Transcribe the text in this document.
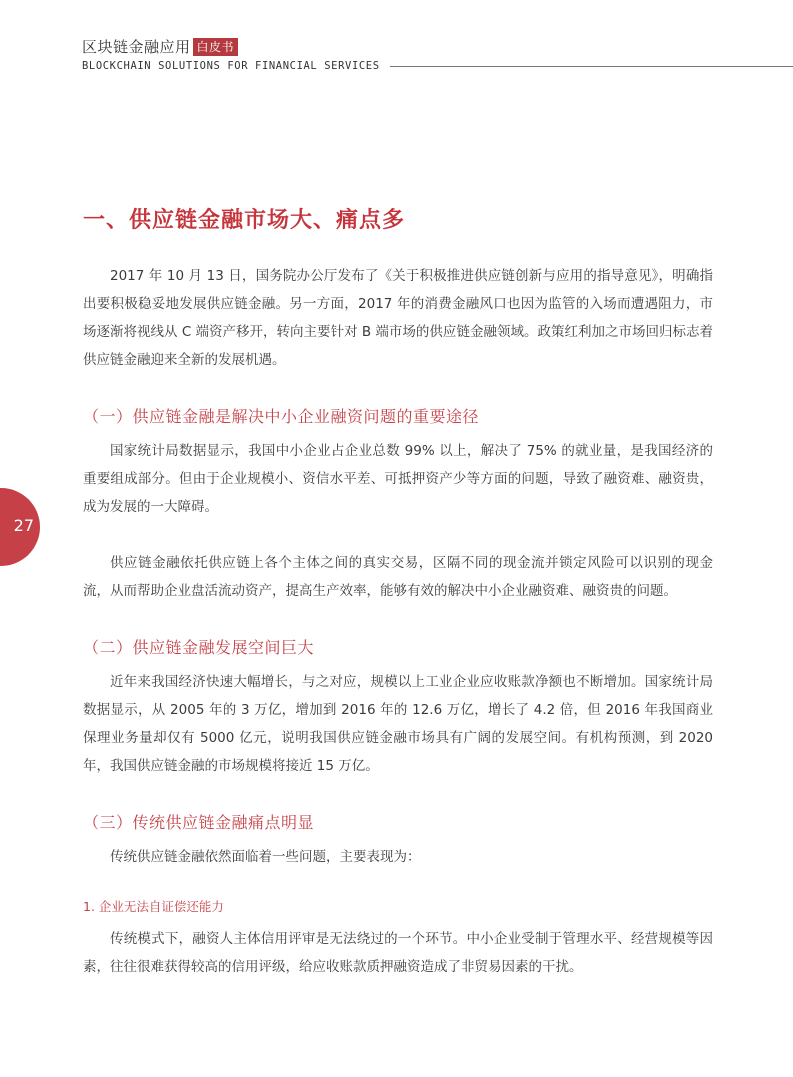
区块链金融应用 白皮书
BLOCKCHAIN SOLUTIONS FOR FINANCIAL SERVICES
27
一、供应链金融市场大、痛点多

2017 年 10 月 13 日，国务院办公厅发布了《关于积极推进供应链创新与应用的指导意见》，明确指出要积极稳妥地发展供应链金融。另一方面，2017 年的消费金融风口也因为监管的入场而遭遇阻力，市场逐渐将视线从 C 端资产移开，转向主要针对 B 端市场的供应链金融领域。政策红利加之市场回归标志着供应链金融迎来全新的发展机遇。

（一）供应链金融是解决中小企业融资问题的重要途径

国家统计局数据显示，我国中小企业占企业总数 99% 以上，解决了 75% 的就业量，是我国经济的重要组成部分。但由于企业规模小、资信水平差、可抵押资产少等方面的问题，导致了融资难、融资贵，成为发展的一大障碍。

供应链金融依托供应链上各个主体之间的真实交易，区隔不同的现金流并锁定风险可以识别的现金流，从而帮助企业盘活流动资产，提高生产效率，能够有效的解决中小企业融资难、融资贵的问题。

（二）供应链金融发展空间巨大

近年来我国经济快速大幅增长，与之对应，规模以上工业企业应收账款净额也不断增加。国家统计局数据显示，从 2005 年的 3 万亿，增加到 2016 年的 12.6 万亿，增长了 4.2 倍，但 2016 年我国商业保理业务量却仅有 5000 亿元，说明我国供应链金融市场具有广阔的发展空间。有机构预测，到 2020 年，我国供应链金融的市场规模将接近 15 万亿。

（三）传统供应链金融痛点明显

传统供应链金融依然面临着一些问题，主要表现为：

1. 企业无法自证偿还能力

传统模式下，融资人主体信用评审是无法绕过的一个环节。中小企业受制于管理水平、经营规模等因素，往往很难获得较高的信用评级，给应收账款质押融资造成了非贸易因素的干扰。
